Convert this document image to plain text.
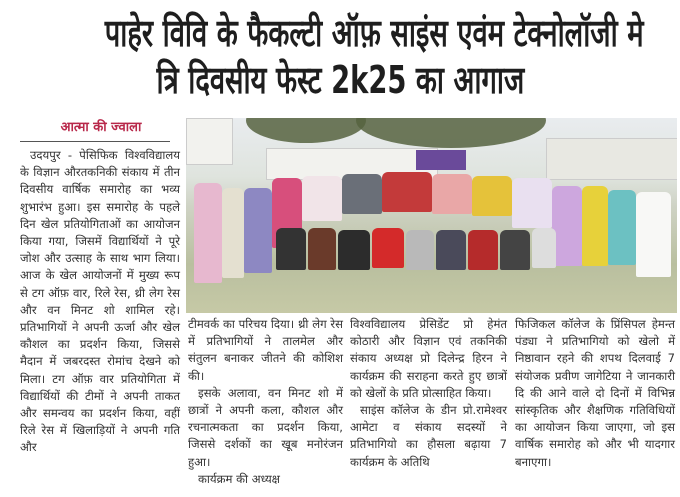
पाहेर विवि के फैकल्टी ऑफ़ साइंस एवंम टेक्नोलॉजी मे
त्रि दिवसीय फेस्ट 2k25 का आगाज
आत्मा की ज्वाला

उदयपुर - पेसिफिक विश्वविद्यालय के विज्ञान औरतकनिकी संकाय में तीन दिवसीय वार्षिक समारोह का भव्य शुभारंभ हुआ। इस समारोह के पहले दिन खेल प्रतियोगिताओं का आयोजन किया गया, जिसमें विद्यार्थियों ने पूरे जोश और उत्साह के साथ भाग लिया। आज के खेल आयोजनों में मुख्य रूप से टग ऑफ़ वार, रिले रेस, थ्री लेग रेस और वन मिनट शो शामिल रहे। प्रतिभागियों ने अपनी ऊर्जा और खेल कौशल का प्रदर्शन किया, जिससे मैदान में जबरदस्त रोमांच देखने को मिला। टग ऑफ़ वार प्रतियोगिता में विद्यार्थियों की टीमों ने अपनी ताकत और समन्वय का प्रदर्शन किया, वहीं रिले रेस में खिलाड़ियों ने अपनी गति और

टीमवर्क का परिचय दिया। थ्री लेग रेस में प्रतिभागियों ने तालमेल और संतुलन बनाकर जीतने की कोशिश की।

इसके अलावा, वन मिनट शो में छात्रों ने अपनी कला, कौशल और रचनात्मकता का प्रदर्शन किया, जिससे दर्शकों का खूब मनोरंजन हुआ।

कार्यक्रम की अध्यक्ष

विश्वविद्यालय प्रेसिडेंट प्रो हेमंत कोठारी और विज्ञान एवं तकनिकी संकाय अध्यक्ष प्रो दिलेन्द्र हिरन ने कार्यक्रम की सराहना करते हुए छात्रों को खेलों के प्रति प्रोत्साहित किया।

साइंस कॉलेज के डीन प्रो.रामेश्वर आमेटा व संकाय सदस्यों ने प्रतिभागियो का हौसला बढ़ाया 7 कार्यक्रम के अतिथि

फिजिकल कॉलेज के प्रिंसिपल हेमन्त पंड्या ने प्रतिभागियो को खेलो में निष्ठावान रहने की शपथ दिलवाई 7 संयोजक प्रवीण जागेटिया ने जानकारी दि की आने वाले दो दिनों में विभिन्न सांस्कृतिक और शैक्षणिक गतिविधियों का आयोजन किया जाएगा, जो इस वार्षिक समारोह को और भी यादगार बनाएगा।
